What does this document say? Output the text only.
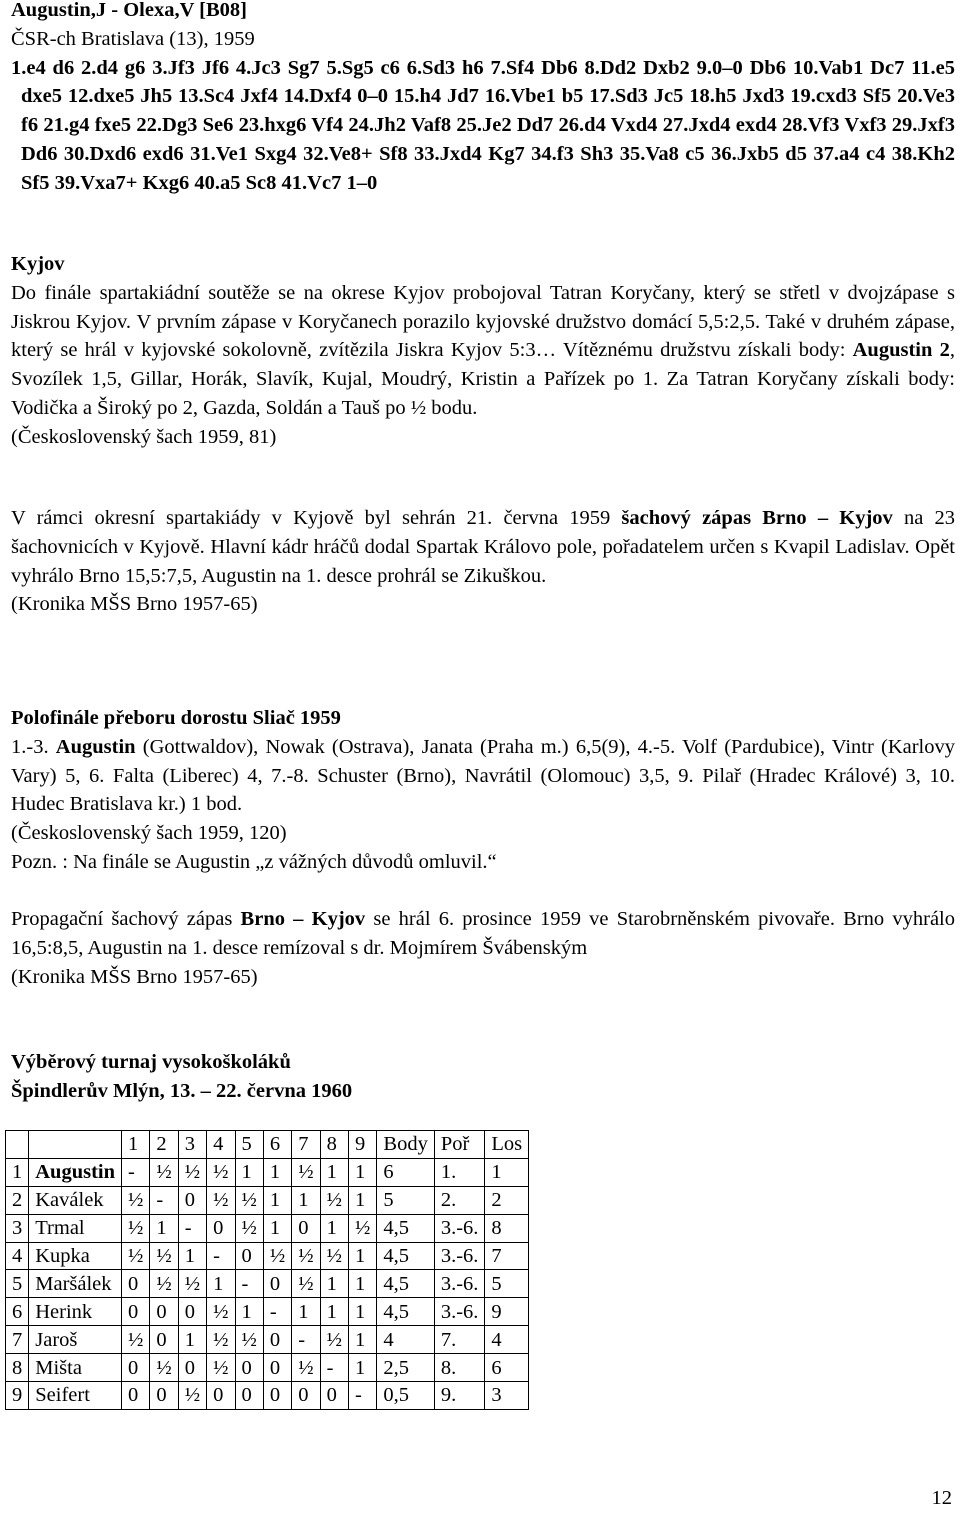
Augustin,J - Olexa,V [B08]

ČSR-ch Bratislava (13), 1959

1.e4 d6 2.d4 g6 3.Jf3 Jf6 4.Jc3 Sg7 5.Sg5 c6 6.Sd3 h6 7.Sf4 Db6 8.Dd2 Dxb2 9.0–0 Db6 10.Vab1 Dc7 11.e5 dxe5 12.dxe5 Jh5 13.Sc4 Jxf4 14.Dxf4 0–0 15.h4 Jd7 16.Vbe1 b5 17.Sd3 Jc5 18.h5 Jxd3 19.cxd3 Sf5 20.Ve3 f6 21.g4 fxe5 22.Dg3 Se6 23.hxg6 Vf4 24.Jh2 Vaf8 25.Je2 Dd7 26.d4 Vxd4 27.Jxd4 exd4 28.Vf3 Vxf3 29.Jxf3 Dd6 30.Dxd6 exd6 31.Ve1 Sxg4 32.Ve8+ Sf8 33.Jxd4 Kg7 34.f3 Sh3 35.Va8 c5 36.Jxb5 d5 37.a4 c4 38.Kh2 Sf5 39.Vxa7+ Kxg6 40.a5 Sc8 41.Vc7 1–0

Kyjov

Do finále spartakiádní soutěže se na okrese Kyjov probojoval Tatran Koryčany, který se střetl v dvojzápase s Jiskrou Kyjov. V prvním zápase v Koryčanech porazilo kyjovské družstvo domácí 5,5:2,5. Také v druhém zápase, který se hrál v kyjovské sokolovně, zvítězila Jiskra Kyjov 5:3… Vítěznému družstvu získali body: Augustin 2, Svozílek 1,5, Gillar, Horák, Slavík, Kujal, Moudrý, Kristin a Pařízek po 1. Za Tatran Koryčany získali body: Vodička a Široký po 2, Gazda, Soldán a Tauš po ½ bodu.

(Československý šach 1959, 81)

V rámci okresní spartakiády v Kyjově byl sehrán 21. června 1959 šachový zápas Brno – Kyjov na 23 šachovnicích v Kyjově. Hlavní kádr hráčů dodal Spartak Královo pole, pořadatelem určen s Kvapil Ladislav. Opět vyhrálo Brno 15,5:7,5, Augustin na 1. desce prohrál se Zikuškou.

(Kronika MŠS Brno 1957-65)

Polofinále přeboru dorostu Sliač 1959

1.-3. Augustin (Gottwaldov), Nowak (Ostrava), Janata (Praha m.) 6,5(9), 4.-5. Volf (Pardubice), Vintr (Karlovy Vary) 5, 6. Falta (Liberec) 4, 7.-8. Schuster (Brno), Navrátil (Olomouc) 3,5, 9. Pilař (Hradec Králové) 3, 10. Hudec Bratislava kr.) 1 bod.

(Československý šach 1959, 120)

Pozn. : Na finále se Augustin „z vážných důvodů omluvil.“

Propagační šachový zápas Brno – Kyjov se hrál 6. prosince 1959 ve Starobrněnském pivovaře. Brno vyhrálo 16,5:8,5, Augustin na 1. desce remízoval s dr. Mojmírem Švábenským

(Kronika MŠS Brno 1957-65)

Výběrový turnaj vysokoškoláků

Špindlerův Mlýn, 13. – 22. června 1960

		1	2	3	4	5	6	7	8	9	Body	Poř	Los
1	Augustin	-	½	½	½	1	1	½	1	1	6	1.	1
2	Kaválek	½	-	0	½	½	1	1	½	1	5	2.	2
3	Trmal	½	1	-	0	½	1	0	1	½	4,5	3.-6.	8
4	Kupka	½	½	1	-	0	½	½	½	1	4,5	3.-6.	7
5	Maršálek	0	½	½	1	-	0	½	1	1	4,5	3.-6.	5
6	Herink	0	0	0	½	1	-	1	1	1	4,5	3.-6.	9
7	Jaroš	½	0	1	½	½	0	-	½	1	4	7.	4
8	Mišta	0	½	0	½	0	0	½	-	1	2,5	8.	6
9	Seifert	0	0	½	0	0	0	0	0	-	0,5	9.	3
12
